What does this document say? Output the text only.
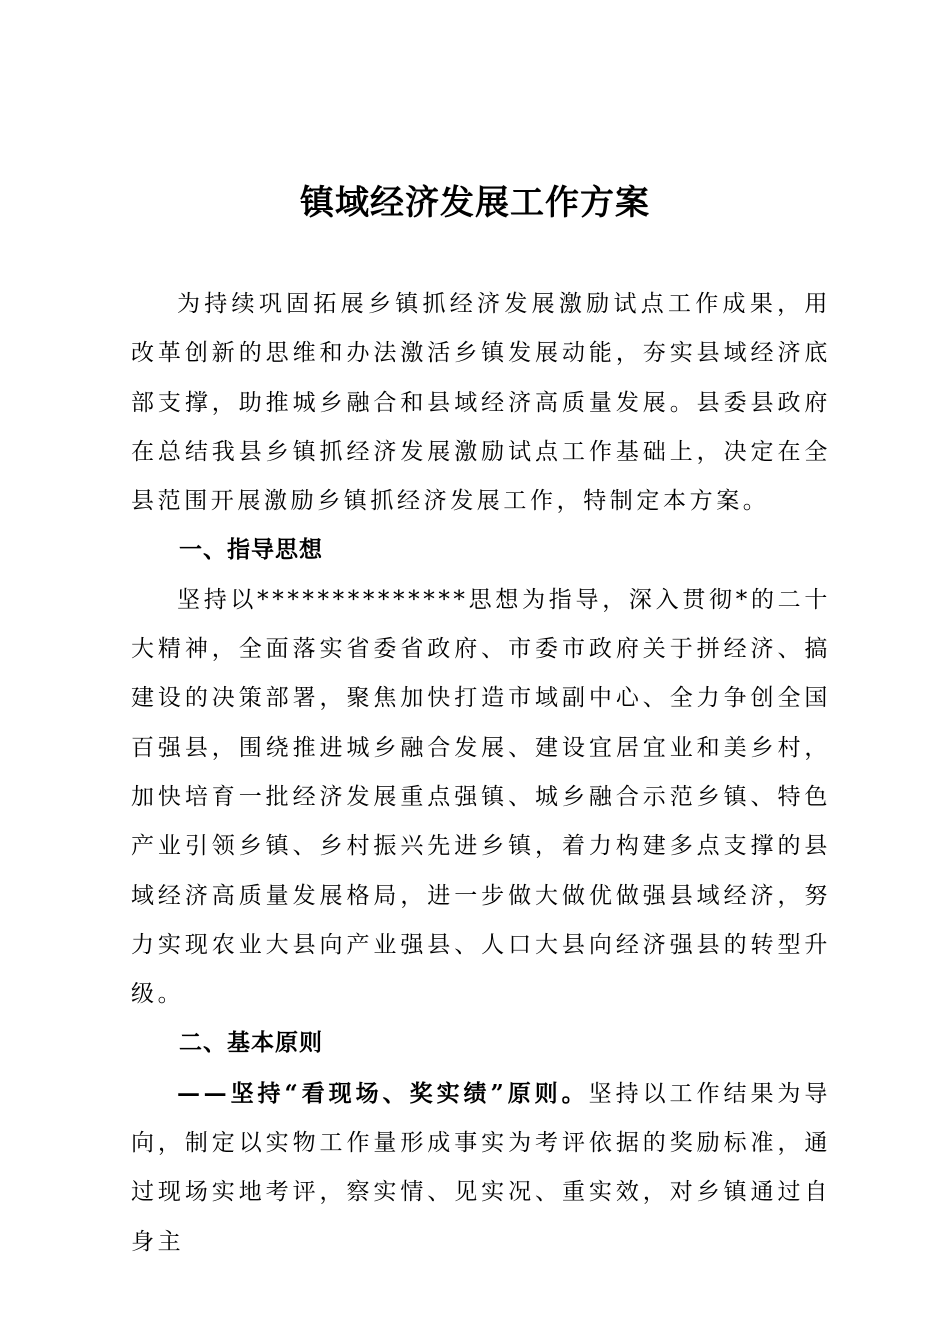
镇域经济发展工作方案

为持续巩固拓展乡镇抓经济发展激励试点工作成果，用改革创新的思维和办法激活乡镇发展动能，夯实县域经济底部支撑，助推城乡融合和县域经济高质量发展。县委县政府在总结我县乡镇抓经济发展激励试点工作基础上，决定在全县范围开展激励乡镇抓经济发展工作，特制定本方案。

一、指导思想

坚持以**************思想为指导，深入贯彻*的二十大精神，全面落实省委省政府、市委市政府关于拼经济、搞建设的决策部署，聚焦加快打造市域副中心、全力争创全国百强县，围绕推进城乡融合发展、建设宜居宜业和美乡村，加快培育一批经济发展重点强镇、城乡融合示范乡镇、特色产业引领乡镇、乡村振兴先进乡镇，着力构建多点支撑的县域经济高质量发展格局，进一步做大做优做强县域经济，努力实现农业大县向产业强县、人口大县向经济强县的转型升级。

二、基本原则

——坚持“看现场、奖实绩”原则。坚持以工作结果为导向，制定以实物工作量形成事实为考评依据的奖励标准，通过现场实地考评，察实情、见实况、重实效，对乡镇通过自身主
